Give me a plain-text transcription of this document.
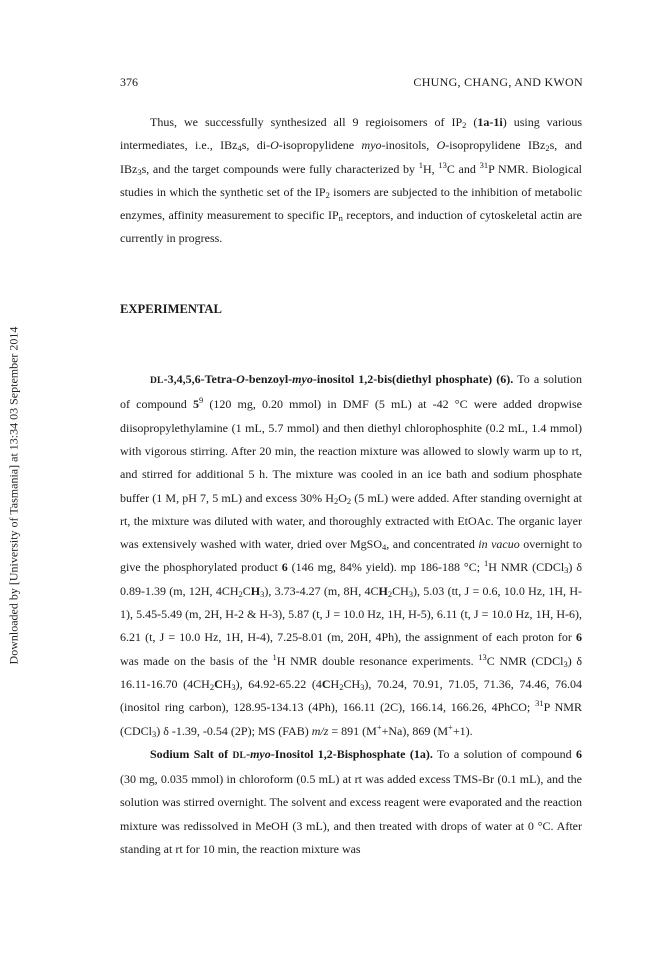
376	CHUNG, CHANG, AND KWON
Downloaded by [University of Tasmania] at 13:34 03 September 2014

Thus, we successfully synthesized all 9 regioisomers of $IP_2$ (1a-1i) using various intermediates, i.e., IBz$_4$s, di-O-isopropylidene myo-inositols, O-isopropylidene IBz$_2$s, and IBz$_3$s, and the target compounds were fully characterized by $^1$H, $^{13}$C and $^{31}$P NMR. Biological studies in which the synthetic set of the $IP_2$ isomers are subjected to the inhibition of metabolic enzymes, affinity measurement to specific $IP_n$ receptors, and induction of cytoskeletal actin are currently in progress.

EXPERIMENTAL

DL-3,4,5,6-Tetra-O-benzoyl-myo-inositol 1,2-bis(diethyl phosphate) (6). To a solution of compound $5^9$ (120 mg, 0.20 mmol) in DMF (5 mL) at -42 °C were added dropwise diisopropylethylamine (1 mL, 5.7 mmol) and then diethyl chlorophosphite (0.2 mL, 1.4 mmol) with vigorous stirring. After 20 min, the reaction mixture was allowed to slowly warm up to rt, and stirred for additional 5 h. The mixture was cooled in an ice bath and sodium phosphate buffer (1 M, pH 7, 5 mL) and excess 30% $H_2O_2$ (5 mL) were added. After standing overnight at rt, the mixture was diluted with water, and thoroughly extracted with EtOAc. The organic layer was extensively washed with water, dried over MgSO$_4$, and concentrated in vacuo overnight to give the phosphorylated product 6 (146 mg, 84% yield). mp 186-188 °C; $^1$H NMR (CDCl$_3$) δ 0.89-1.39 (m, 12H, $4CH_2CH_3$), 3.73-4.27 (m, 8H, $4CH_2CH_3$), 5.03 (tt, J = 0.6, 10.0 Hz, 1H, H-1), 5.45-5.49 (m, 2H, H-2 & H-3), 5.87 (t, J = 10.0 Hz, 1H, H-5), 6.11 (t, J = 10.0 Hz, 1H, H-6), 6.21 (t, J = 10.0 Hz, 1H, H-4), 7.25-8.01 (m, 20H, 4Ph), the assignment of each proton for 6 was made on the basis of the $^1$H NMR double resonance experiments. $^{13}$C NMR (CDCl$_3$) δ 16.11-16.70 $(4CH_2CH_3)$, 64.92-65.22 $(4CH_2CH_3)$, 70.24, 70.91, 71.05, 71.36, 74.46, 76.04 (inositol ring carbon), 128.95-134.13 (4Ph), 166.11 (2C), 166.14, 166.26, 4PhCO; $^{31}$P NMR (CDCl$_3$) δ -1.39, -0.54 (2P); MS (FAB) m/z = 891 (M++Na), 869 (M++1).

Sodium Salt of DL-myo-Inositol 1,2-Bisphosphate (1a). To a solution of compound 6 (30 mg, 0.035 mmol) in chloroform (0.5 mL) at rt was added excess TMS-Br (0.1 mL), and the solution was stirred overnight. The solvent and excess reagent were evaporated and the reaction mixture was redissolved in MeOH (3 mL), and then treated with drops of water at 0 °C. After standing at rt for 10 min, the reaction mixture was
